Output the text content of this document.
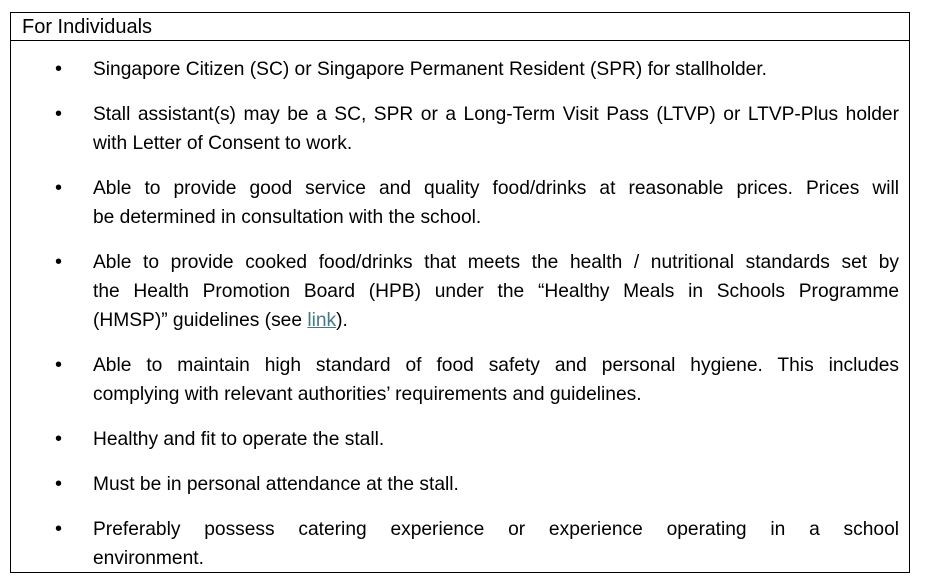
For Individuals
• Singapore Citizen (SC) or Singapore Permanent Resident (SPR) for stallholder.
• Stall assistant(s) may be a SC, SPR or a Long-Term Visit Pass (LTVP) or LTVP-Plus holder
with Letter of Consent to work.
• Able to provide good service and quality food/drinks at reasonable prices. Prices will
be determined in consultation with the school.
• Able to provide cooked food/drinks that meets the health / nutritional standards set by
the Health Promotion Board (HPB) under the “Healthy Meals in Schools Programme
(HMSP)” guidelines (see link).
• Able to maintain high standard of food safety and personal hygiene. This includes
complying with relevant authorities’ requirements and guidelines.
• Healthy and fit to operate the stall.
• Must be in personal attendance at the stall.
• Preferably possess catering experience or experience operating in a school
environment.
